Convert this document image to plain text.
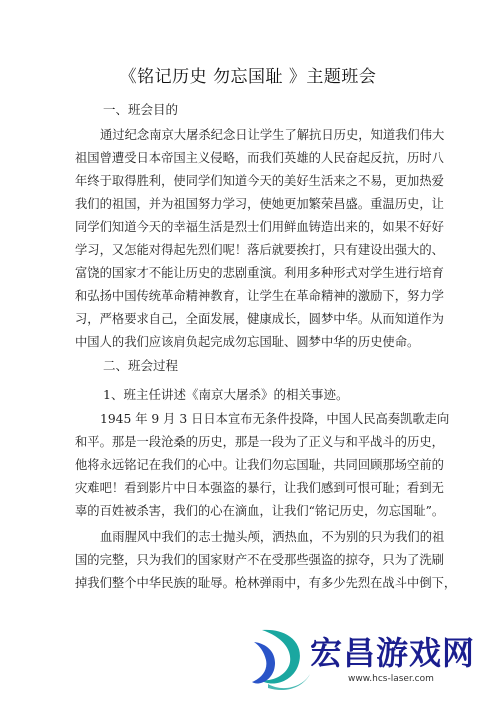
《铭记历史 勿忘国耻 》主题班会
一、班会目的
通过纪念南京大屠杀纪念日让学生了解抗日历史，知道我们伟大
祖国曾遭受日本帝国主义侵略，而我们英雄的人民奋起反抗，历时八
年终于取得胜利，使同学们知道今天的美好生活来之不易，更加热爱
我们的祖国，并为祖国努力学习，使她更加繁荣昌盛。重温历史，让
同学们知道今天的幸福生活是烈士们用鲜血铸造出来的，如果不好好
学习，又怎能对得起先烈们呢！落后就要挨打，只有建设出强大的、
富饶的国家才不能让历史的悲剧重演。利用多种形式对学生进行培育
和弘扬中国传统革命精神教育，让学生在革命精神的激励下，努力学
习，严格要求自己，全面发展，健康成长，圆梦中华。从而知道作为
中国人的我们应该肩负起完成勿忘国耻、圆梦中华的历史使命。
二、班会过程
1、班主任讲述《南京大屠杀》的相关事迹。
1945 年 9 月 3 日日本宣布无条件投降，中国人民高奏凯歌走向
和平。那是一段沧桑的历史，那是一段为了正义与和平战斗的历史，
他将永远铭记在我们的心中。让我们勿忘国耻，共同回顾那场空前的
灾难吧！看到影片中日本强盗的暴行，让我们感到可恨可耻；看到无
辜的百姓被杀害，我们的心在滴血，让我们“铭记历史，勿忘国耻”。
血雨腥风中我们的志士抛头颅，洒热血，不为别的只为我们的祖
国的完整，只为我们的国家财产不在受那些强盗的掠夺，只为了洗刷
掉我们整个中华民族的耻辱。枪林弹雨中，有多少先烈在战斗中倒下，
宏昌游戏网
www.hcs-laser.com
